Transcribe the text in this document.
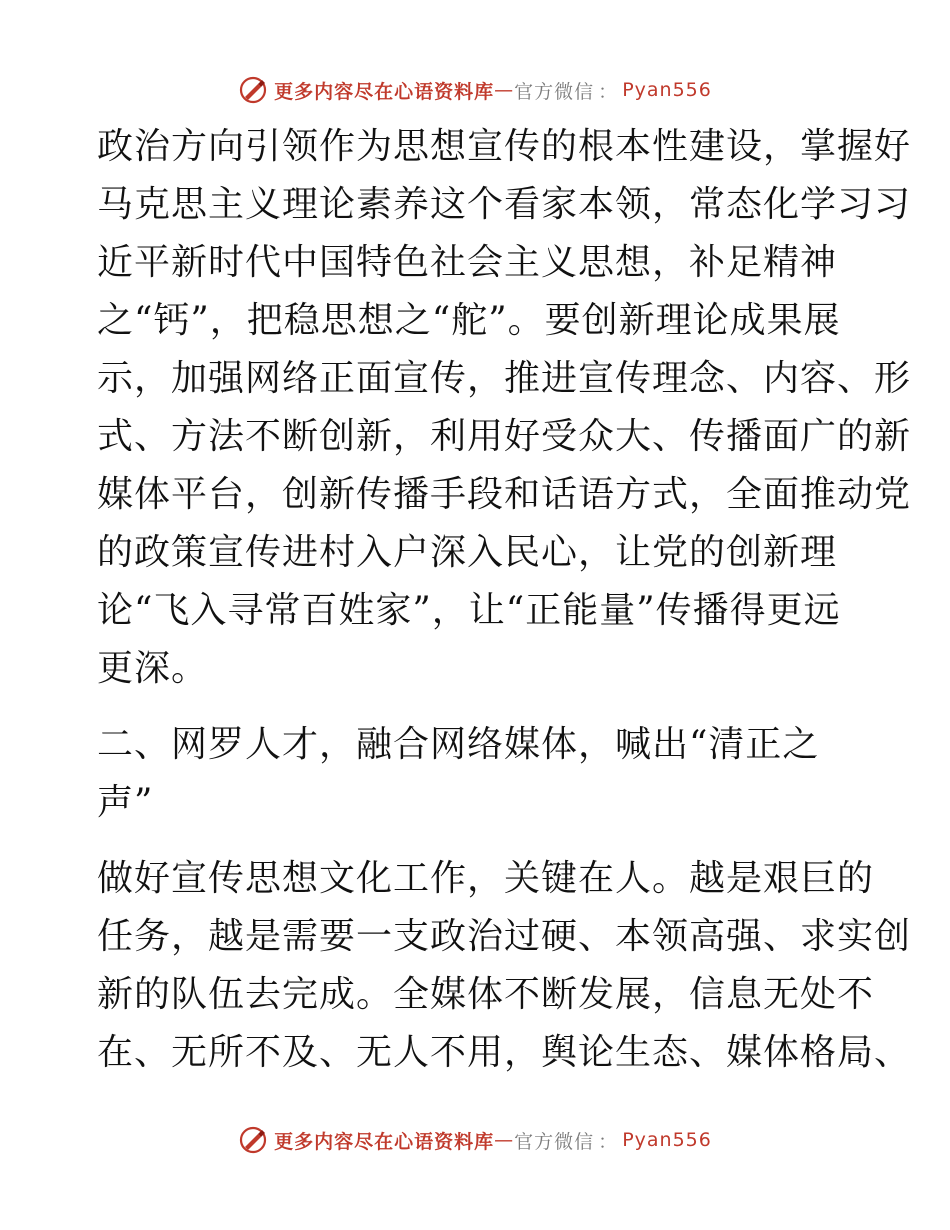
更多内容尽在心语资料库 — 官方微信 ： Pyan556
政治方向引领作为思想宣传的根本性建设，掌握好
马克思主义理论素养这个看家本领，常态化学习习
近平新时代中国特色社会主义思想，补足精神
之“钙”，把稳思想之“舵”。要创新理论成果展
示，加强网络正面宣传，推进宣传理念、内容、形
式、方法不断创新，利用好受众大、传播面广的新
媒体平台，创新传播手段和话语方式，全面推动党
的政策宣传进村入户深入民心，让党的创新理
论“飞入寻常百姓家”，让“正能量”传播得更远
更深。
二、网罗人才，融合网络媒体，喊出“清正之
声”
做好宣传思想文化工作，关键在人。越是艰巨的
任务，越是需要一支政治过硬、本领高强、求实创
新的队伍去完成。全媒体不断发展，信息无处不
在、无所不及、无人不用，舆论生态、媒体格局、
更多内容尽在心语资料库 — 官方微信 ： Pyan556
